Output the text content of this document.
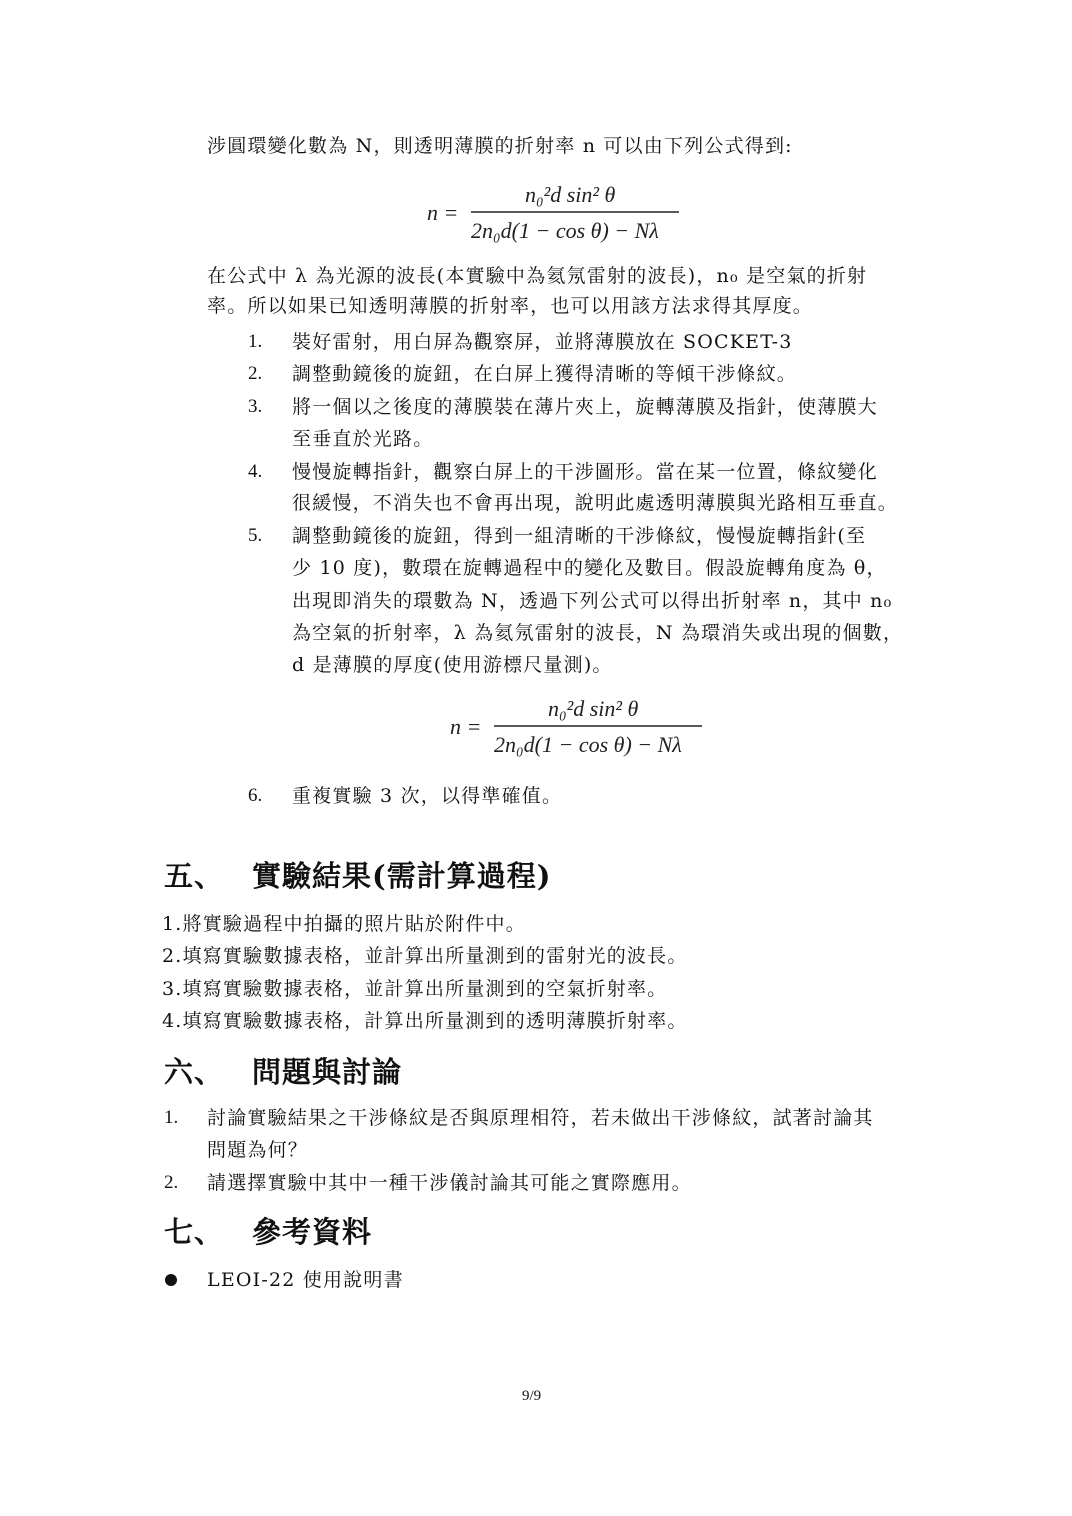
涉圓環變化數為 N，則透明薄膜的折射率 n 可以由下列公式得到:
n =
n₀²d sin² θ
2n₀d(1 − cos θ) − Nλ
在公式中 λ 為光源的波長(本實驗中為氦氖雷射的波長)，n₀ 是空氣的折射
率。所以如果已知透明薄膜的折射率，也可以用該方法求得其厚度。
1. 裝好雷射，用白屏為觀察屏，並將薄膜放在 SOCKET-3
2. 調整動鏡後的旋鈕，在白屏上獲得清晰的等傾干涉條紋。
3. 將一個以之後度的薄膜裝在薄片夾上，旋轉薄膜及指針，使薄膜大
至垂直於光路。
4. 慢慢旋轉指針，觀察白屏上的干涉圖形。當在某一位置，條紋變化
很緩慢，不消失也不會再出現，說明此處透明薄膜與光路相互垂直。
5. 調整動鏡後的旋鈕，得到一組清晰的干涉條紋，慢慢旋轉指針(至
少 10 度)，數環在旋轉過程中的變化及數目。假設旋轉角度為 θ，
出現即消失的環數為 N，透過下列公式可以得出折射率 n，其中 n₀
為空氣的折射率，λ 為氦氖雷射的波長，N 為環消失或出現的個數，
d 是薄膜的厚度(使用游標尺量測)。
n =
n₀²d sin² θ
2n₀d(1 − cos θ) − Nλ
6. 重複實驗 3 次，以得準確值。
五、 實驗結果(需計算過程)
1.將實驗過程中拍攝的照片貼於附件中。
2.填寫實驗數據表格，並計算出所量測到的雷射光的波長。
3.填寫實驗數據表格，並計算出所量測到的空氣折射率。
4.填寫實驗數據表格，計算出所量測到的透明薄膜折射率。
六、 問題與討論
1. 討論實驗結果之干涉條紋是否與原理相符，若未做出干涉條紋，試著討論其
問題為何？
2. 請選擇實驗中其中一種干涉儀討論其可能之實際應用。
七、 參考資料
LEOI-22 使用說明書
9/9
